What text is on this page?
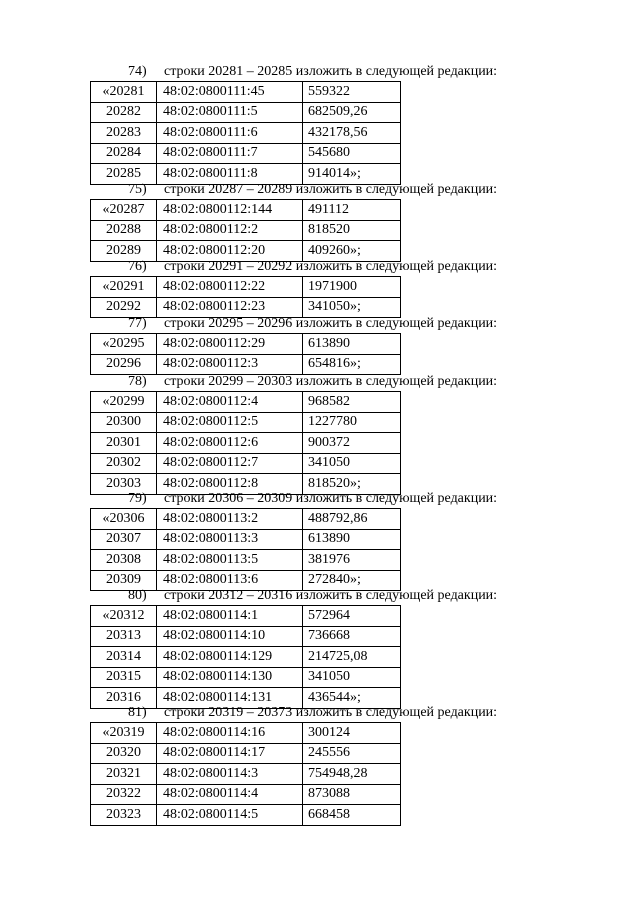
74) строки 20281 – 20285 изложить в следующей редакции:
«20281	48:02:0800111:45	559322
20282	48:02:0800111:5	682509,26
20283	48:02:0800111:6	432178,56
20284	48:02:0800111:7	545680
20285	48:02:0800111:8	914014»;
75) строки 20287 – 20289 изложить в следующей редакции:
«20287	48:02:0800112:144	491112
20288	48:02:0800112:2	818520
20289	48:02:0800112:20	409260»;
76) строки 20291 – 20292 изложить в следующей редакции:
«20291	48:02:0800112:22	1971900
20292	48:02:0800112:23	341050»;
77) строки 20295 – 20296 изложить в следующей редакции:
«20295	48:02:0800112:29	613890
20296	48:02:0800112:3	654816»;
78) строки 20299 – 20303 изложить в следующей редакции:
«20299	48:02:0800112:4	968582
20300	48:02:0800112:5	1227780
20301	48:02:0800112:6	900372
20302	48:02:0800112:7	341050
20303	48:02:0800112:8	818520»;
79) строки 20306 – 20309 изложить в следующей редакции:
«20306	48:02:0800113:2	488792,86
20307	48:02:0800113:3	613890
20308	48:02:0800113:5	381976
20309	48:02:0800113:6	272840»;
80) строки 20312 – 20316 изложить в следующей редакции:
«20312	48:02:0800114:1	572964
20313	48:02:0800114:10	736668
20314	48:02:0800114:129	214725,08
20315	48:02:0800114:130	341050
20316	48:02:0800114:131	436544»;
81) строки 20319 – 20373 изложить в следующей редакции:
«20319	48:02:0800114:16	300124
20320	48:02:0800114:17	245556
20321	48:02:0800114:3	754948,28
20322	48:02:0800114:4	873088
20323	48:02:0800114:5	668458
